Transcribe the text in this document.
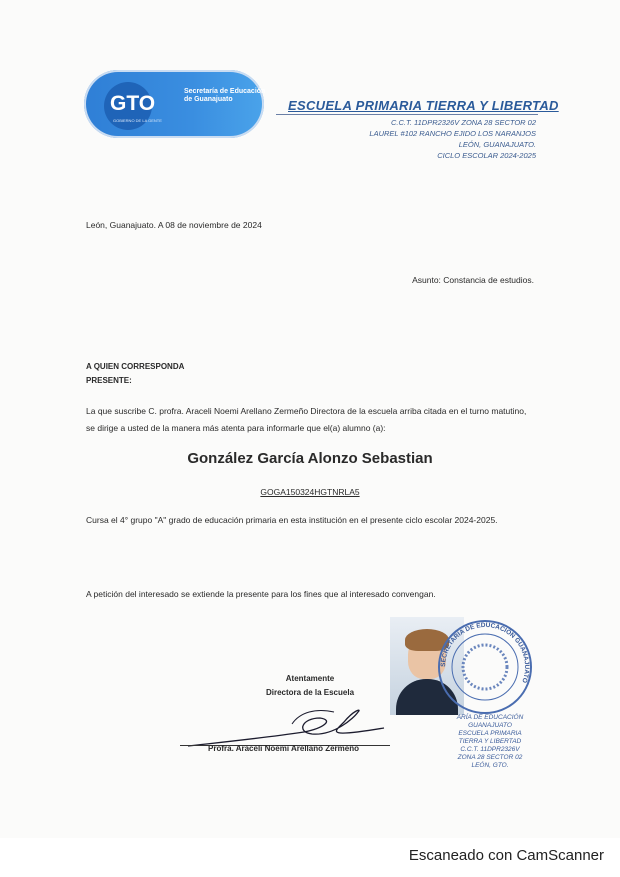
GTO
GOBIERNO DE LA GENTE
Secretaría de Educación de Guanajuato	ESCUELA PRIMARIA TIERRA Y LIBERTAD
C.C.T. 11DPR2326V ZONA 28 SECTOR 02
LAUREL #102 RANCHO EJIDO LOS NARANJOS
LEÓN, GUANAJUATO.
CICLO ESCOLAR 2024-2025
León, Guanajuato. A 08 de noviembre de 2024
Asunto: Constancia de estudios.
A QUIEN CORRESPONDA
PRESENTE:
La que suscribe C. profra. Araceli Noemi Arellano Zermeño Directora de la escuela arriba citada en el turno matutino, se dirige a usted de la manera más atenta para informarle que el(a) alumno (a):
González García Alonzo Sebastian
GOGA150324HGTNRLA5
Cursa el 4° grupo "A" grado de educación primaria en esta institución en el presente ciclo escolar 2024-2025.
A petición del interesado se extiende la presente para los fines que al interesado convengan.
Atentamente
Directora de la Escuela
Profra. Araceli Noemi Arellano Zermeño
SECRETARÍA DE EDUCACIÓN GUANAJUATO
ARÍA DE EDUCACIÓN
GUANAJUATO
ESCUELA PRIMARIA
TIERRA Y LIBERTAD
C.C.T. 11DPR2326V
ZONA 28 SECTOR 02
LEÓN, GTO.
Escaneado con CamScanner
